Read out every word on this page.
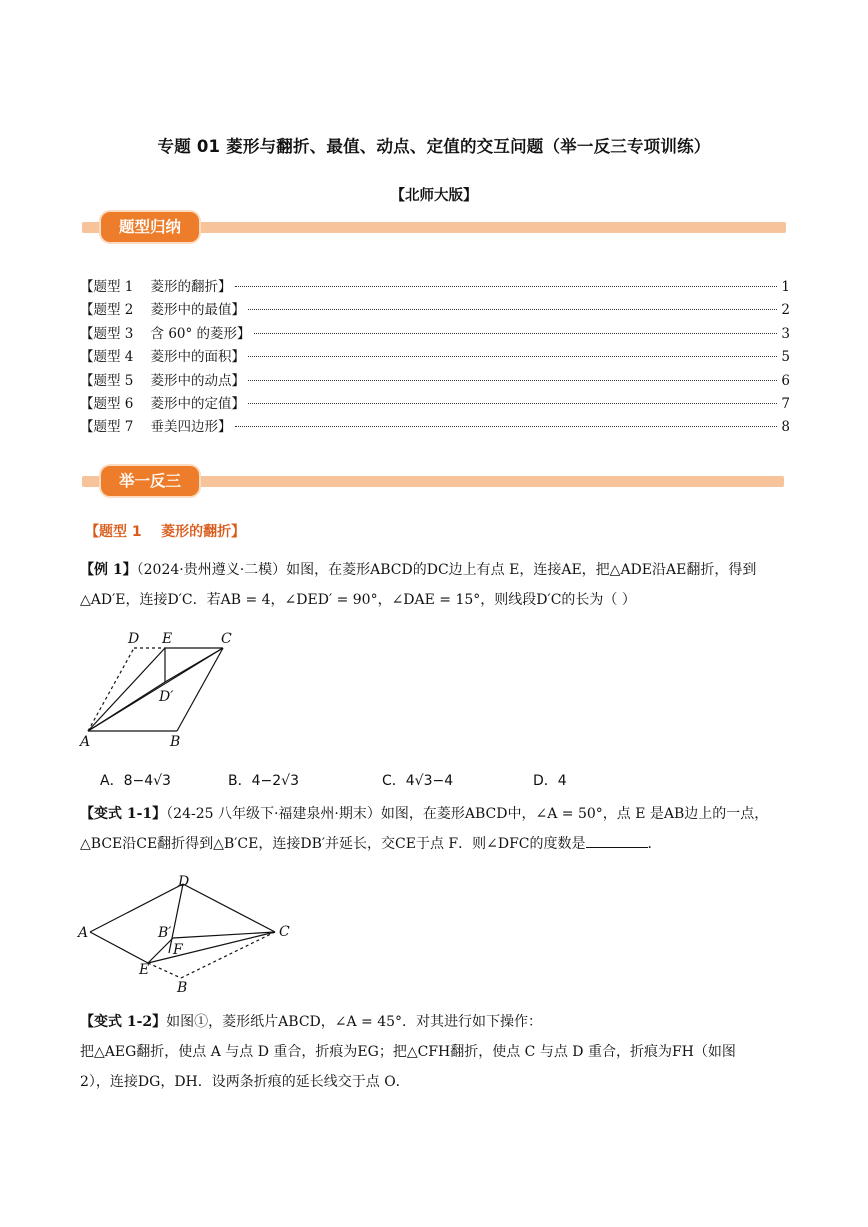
专题 01 菱形与翻折、最值、动点、定值的交互问题（举一反三专项训练）
【北师大版】
题型归纳
【题型 1    菱形的翻折】	1
【题型 2    菱形中的最值】	2
【题型 3    含 60° 的菱形】	3
【题型 4    菱形中的面积】	5
【题型 5    菱形中的动点】	6
【题型 6    菱形中的定值】	7
【题型 7    垂美四边形】	8
举一反三
【题型 1    菱形的翻折】
【例 1】（2024·贵州遵义·二模）如图，在菱形ABCD的DC边上有点 E，连接AE，把△ADE沿AE翻折，得到
△AD′E，连接D′C．若AB = 4，∠DED′ = 90°，∠DAE = 15°，则线段D′C的长为（ ）
A	B
C
D E
D′
A．8−4√3	B．4−2√3	C．4√3−4	D．4
【变式 1-1】（24-25 八年级下·福建泉州·期末）如图，在菱形ABCD中，∠A = 50°，点 E 是AB边上的一点，
△BCE沿CE翻折得到△B′CE，连接DB′并延长，交CE于点 F．则∠DFC的度数是	．
A
D
C
B′
F
E
B
【变式 1-2】如图①，菱形纸片ABCD，∠A = 45°．对其进行如下操作：
把△AEG翻折，使点 A 与点 D 重合，折痕为EG；把△CFH翻折，使点 C 与点 D 重合，折痕为FH（如图
2），连接DG，DH．设两条折痕的延长线交于点 O．
